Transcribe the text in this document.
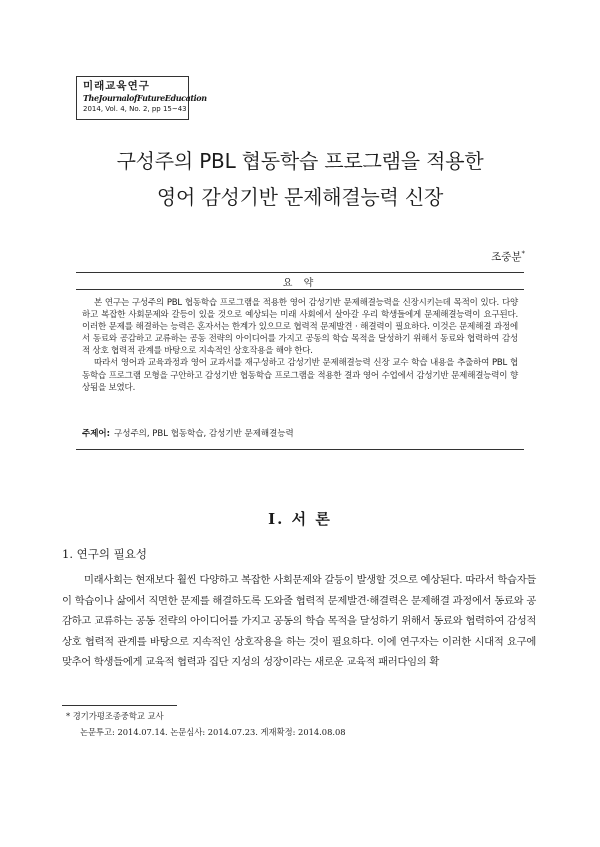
미래교육연구
TheJournalofFutureEducation
2014, Vol. 4, No. 2, pp 15~43
구성주의 PBL 협동학습 프로그램을 적용한
영어 감성기반 문제해결능력 신장
조중분*
요 약

본 연구는 구성주의 PBL 협동학습 프로그램을 적용한 영어 감성기반 문제해결능력을 신장시키는데 목적이 있다. 다양하고 복잡한 사회문제와 갈등이 있을 것으로 예상되는 미래 사회에서 살아갈 우리 학생들에게 문제해결능력이 요구된다. 이러한 문제를 해결하는 능력은 혼자서는 한계가 있으므로 협력적 문제발견 · 해결력이 필요하다. 이것은 문제해결 과정에서 동료와 공감하고 교류하는 공동 전략의 아이디어를 가지고 공동의 학습 목적을 달성하기 위해서 동료와 협력하여 감성적 상호 협력적 관계를 바탕으로 지속적인 상호작용을 해야 한다.

따라서 영어과 교육과정과 영어 교과서를 재구성하고 감성기반 문제해결능력 신장 교수 학습 내용을 추출하여 PBL 협동학습 프로그램 모형을 구안하고 감성기반 협동학습 프로그램을 적용한 결과 영어 수업에서 감성기반 문제해결능력이 향상됨을 보였다.

주제어: 구성주의, PBL 협동학습, 감성기반 문제해결능력
Ⅰ. 서 론
1. 연구의 필요성

미래사회는 현재보다 훨씬 다양하고 복잡한 사회문제와 갈등이 발생할 것으로 예상된다. 따라서 학습자들이 학습이나 삶에서 직면한 문제를 해결하도록 도와줄 협력적 문제발견·해결력은 문제해결 과정에서 동료와 공감하고 교류하는 공동 전략의 아이디어를 가지고 공동의 학습 목적을 달성하기 위해서 동료와 협력하여 감성적 상호 협력적 관계를 바탕으로 지속적인 상호작용을 하는 것이 필요하다. 이에 연구자는 이러한 시대적 요구에 맞추어 학생들에게 교육적 협력과 집단 지성의 성장이라는 새로운 교육적 패러다임의 확

* 경기가평조종중학교 교사
논문투고: 2014.07.14. 논문심사: 2014.07.23. 게재확정: 2014.08.08
